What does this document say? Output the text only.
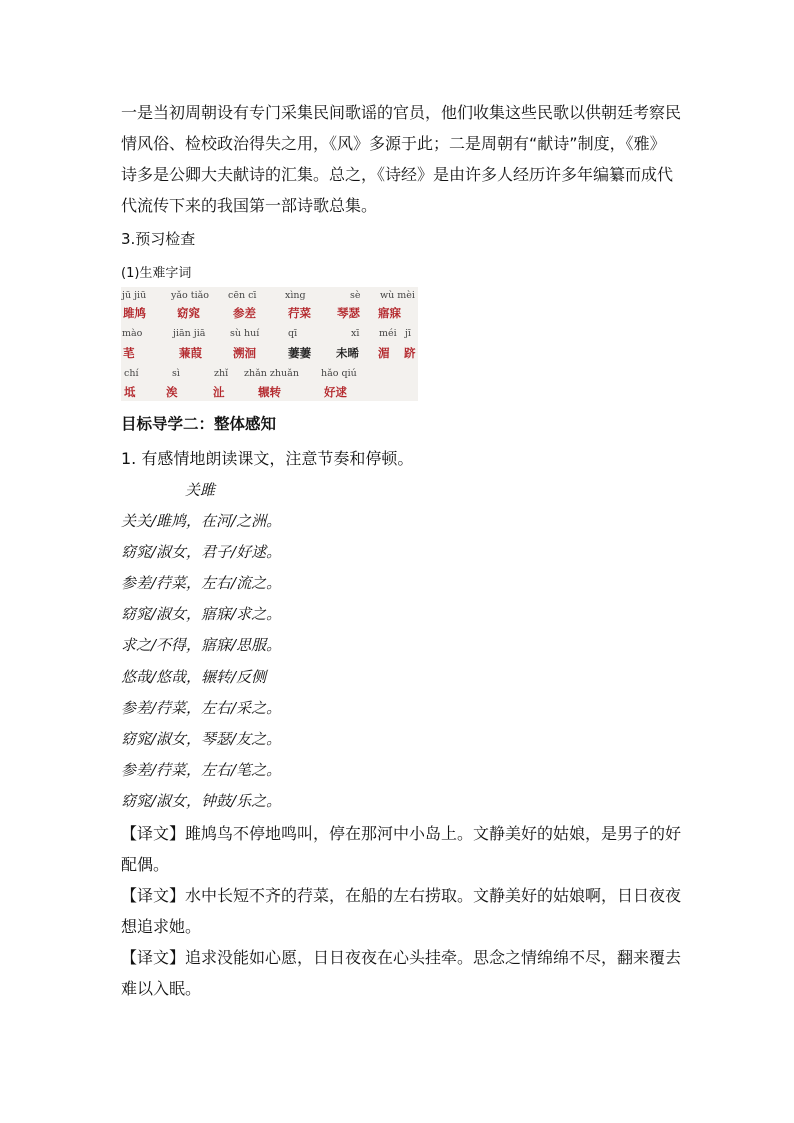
一是当初周朝设有专门采集民间歌谣的官员，他们收集这些民歌以供朝廷考察民
情风俗、检校政治得失之用，《风》多源于此；二是周朝有“献诗”制度，《雅》
诗多是公卿大夫献诗的汇集。总之，《诗经》是由许多人经历许多年编纂而成代
代流传下来的我国第一部诗歌总集。
3.预习检查
(1)生难字词
jū jiū
雎鸠
yǎo tiǎo
窈窕
cēn cī
参差
xìng
荇菜
sè
琴瑟
wù mèi
寤寐
mào
芼
jiān jiā
蒹葭
sù huí
溯洄
qī
萋萋
xī
未晞
méi
湄
jī
跻
chí
坻
sì
涘
zhǐ
沚
zhǎn zhuǎn
辗转
hǎo qiú
好逑
目标导学二：整体感知
1. 有感情地朗读课文，注意节奏和停顿。
关雎
关关/雎鸠，在河/之洲。
窈窕/淑女，君子/好逑。
参差/荇菜，左右/流之。
窈窕/淑女，寤寐/求之。
求之/不得，寤寐/思服。
悠哉/悠哉，辗转/反侧
参差/荇菜，左右/采之。
窈窕/淑女，琴瑟/友之。
参差/荇菜，左右/笔之。
窈窕/淑女，钟鼓/乐之。
【译文】雎鸠鸟不停地鸣叫，停在那河中小岛上。文静美好的姑娘，是男子的好
配偶。
【译文】水中长短不齐的荇菜，在船的左右捞取。文静美好的姑娘啊，日日夜夜
想追求她。
【译文】追求没能如心愿，日日夜夜在心头挂牵。思念之情绵绵不尽，翻来覆去
难以入眠。
